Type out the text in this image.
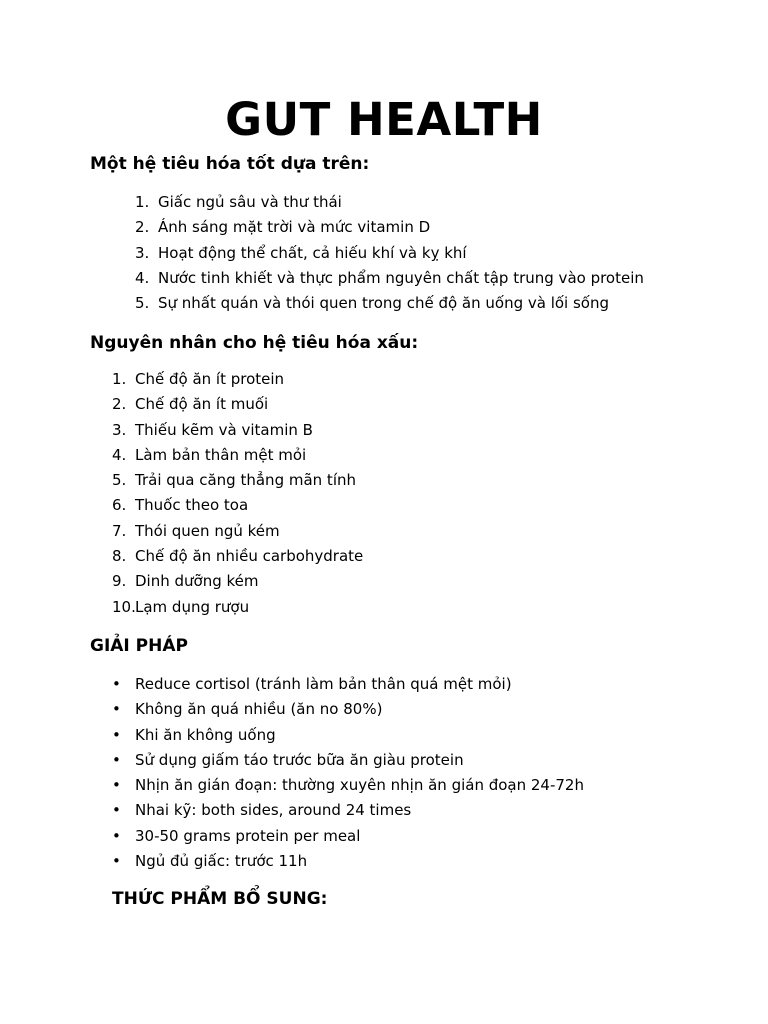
GUT HEALTH
Một hệ tiêu hóa tốt dựa trên:
1. Giấc ngủ sâu và thư thái
2. Ánh sáng mặt trời và mức vitamin D
3. Hoạt động thể chất, cả hiếu khí và kỵ khí
4. Nước tinh khiết và thực phẩm nguyên chất tập trung vào protein
5. Sự nhất quán và thói quen trong chế độ ăn uống và lối sống
Nguyên nhân cho hệ tiêu hóa xấu:
1. Chế độ ăn ít protein
2. Chế độ ăn ít muối
3. Thiếu kẽm và vitamin B
4. Làm bản thân mệt mỏi
5. Trải qua căng thẳng mãn tính
6. Thuốc theo toa
7. Thói quen ngủ kém
8. Chế độ ăn nhiều carbohydrate
9. Dinh dưỡng kém
10. Lạm dụng rượu
GIẢI PHÁP
• Reduce cortisol (tránh làm bản thân quá mệt mỏi)
• Không ăn quá nhiều (ăn no 80%)
• Khi ăn không uống
• Sử dụng giấm táo trước bữa ăn giàu protein
• Nhịn ăn gián đoạn: thường xuyên nhịn ăn gián đoạn 24-72h
• Nhai kỹ: both sides, around 24 times
• 30-50 grams protein per meal
• Ngủ đủ giấc: trước 11h
THỨC PHẨM BỔ SUNG:
